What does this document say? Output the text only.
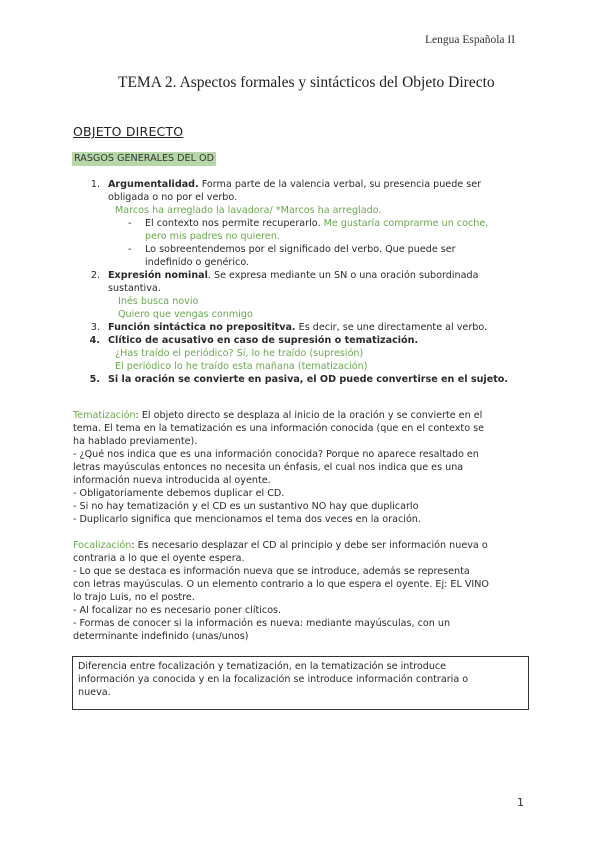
Lengua Española II
TEMA 2. Aspectos formales y sintácticos del Objeto Directo
OBJETO DIRECTO
RASGOS GENERALES DEL OD
1. Argumentalidad. Forma parte de la valencia verbal, su presencia puede ser
obligada o no por el verbo.
Marcos ha arreglado la lavadora/ *Marcos ha arreglado.
- El contexto nos permite recuperarlo. Me gustaría comprarme un coche,
pero mis padres no quieren.
- Lo sobreentendemos por el significado del verbo. Que puede ser
indefinido o genérico.
2. Expresión nominal. Se expresa mediante un SN o una oración subordinada
sustantiva.
Inés busca novio
Quiero que vengas conmigo
3. Función sintáctica no preposititva. Es decir, se une directamente al verbo.
4. Clítico de acusativo en caso de supresión o tematización.
¿Has traído el periódico? Sí, lo he traído (supresión)
El periódico lo he traído esta mañana (tematización)
5. Si la oración se convierte en pasiva, el OD puede convertirse en el sujeto.
Tematización: El objeto directo se desplaza al inicio de la oración y se convierte en el
tema. El tema en la tematización es una información conocida (que en el contexto se
ha hablado previamente).
- ¿Qué nos indica que es una información conocida? Porque no aparece resaltado en
letras mayúsculas entonces no necesita un énfasis, el cual nos indica que es una
información nueva introducida al oyente.
- Obligatoriamente debemos duplicar el CD.
- Si no hay tematización y el CD es un sustantivo NO hay que duplicarlo
- Duplicarlo significa que mencionamos el tema dos veces en la oración.
Focalización: Es necesario desplazar el CD al principio y debe ser información nueva o
contraria a lo que el oyente espera.
- Lo que se destaca es información nueva que se introduce, además se representa
con letras mayúsculas. O un elemento contrario a lo que espera el oyente. Ej: EL VINO
lo trajo Luis, no el postre.
- Al focalizar no es necesario poner clíticos.
- Formas de conocer si la información es nueva: mediante mayúsculas, con un
determinante indefinido (unas/unos)
Diferencia entre focalización y tematización, en la tematización se introduce
información ya conocida y en la focalización se introduce información contraria o
nueva.
1
